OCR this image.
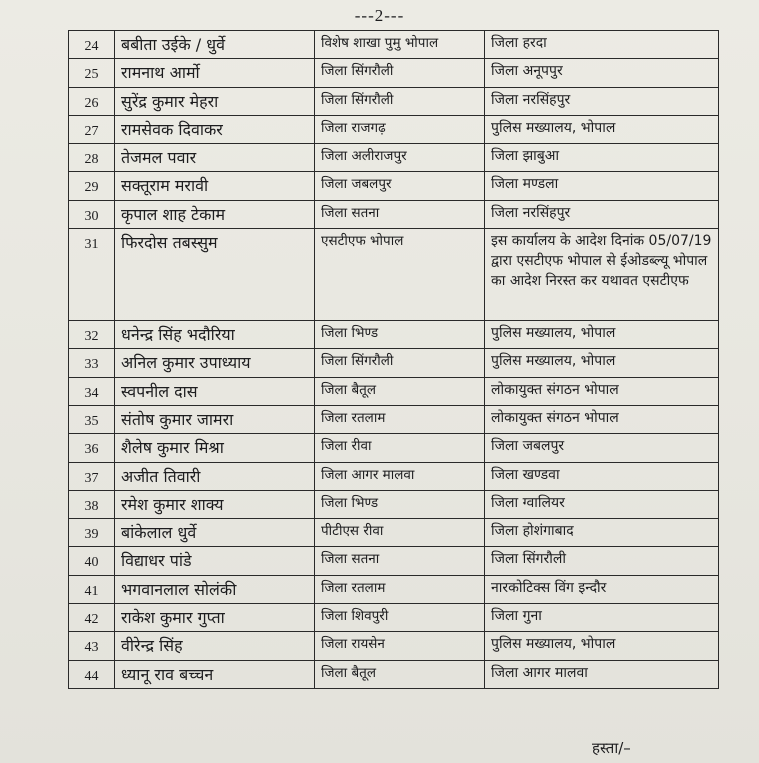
---2---
24	बबीता उईके / धुर्वे	विशेष शाखा पुमु भोपाल	जिला हरदा
25	रामनाथ आर्मो	जिला सिंगरौली	जिला अनूपपुर
26	सुरेंद्र कुमार मेहरा	जिला सिंगरौली	जिला नरसिंहपुर
27	रामसेवक दिवाकर	जिला राजगढ़	पुलिस मख्यालय, भोपाल
28	तेजमल पवार	जिला अलीराजपुर	जिला झाबुआ
29	सक्तूराम मरावी	जिला जबलपुर	जिला मण्डला
30	कृपाल शाह टेकाम	जिला सतना	जिला नरसिंहपुर
31	फिरदोस तबस्सुम	एसटीएफ भोपाल	इस कार्यालय के आदेश दिनांक 05/07/19 द्वारा एसटीएफ भोपाल से ईओडब्ल्यू भोपाल का आदेश निरस्त कर यथावत एसटीएफ
32	धनेन्द्र सिंह भदौरिया	जिला भिण्ड	पुलिस मख्यालय, भोपाल
33	अनिल कुमार उपाध्याय	जिला सिंगरौली	पुलिस मख्यालय, भोपाल
34	स्वपनील दास	जिला बैतूल	लोकायुक्त संगठन भोपाल
35	संतोष कुमार जामरा	जिला रतलाम	लोकायुक्त संगठन भोपाल
36	शैलेष कुमार मिश्रा	जिला रीवा	जिला जबलपुर
37	अजीत तिवारी	जिला आगर मालवा	जिला खण्डवा
38	रमेश कुमार शाक्य	जिला भिण्ड	जिला ग्वालियर
39	बांकेलाल धुर्वे	पीटीएस रीवा	जिला होशंगाबाद
40	विद्याधर पांडे	जिला सतना	जिला सिंगरौली
41	भगवानलाल सोलंकी	जिला रतलाम	नारकोटिक्स विंग इन्दौर
42	राकेश कुमार गुप्ता	जिला शिवपुरी	जिला गुना
43	वीरेन्द्र सिंह	जिला रायसेन	पुलिस मख्यालय, भोपाल
44	ध्यानू राव बच्चन	जिला बैतूल	जिला आगर मालवा
हस्ता/–
